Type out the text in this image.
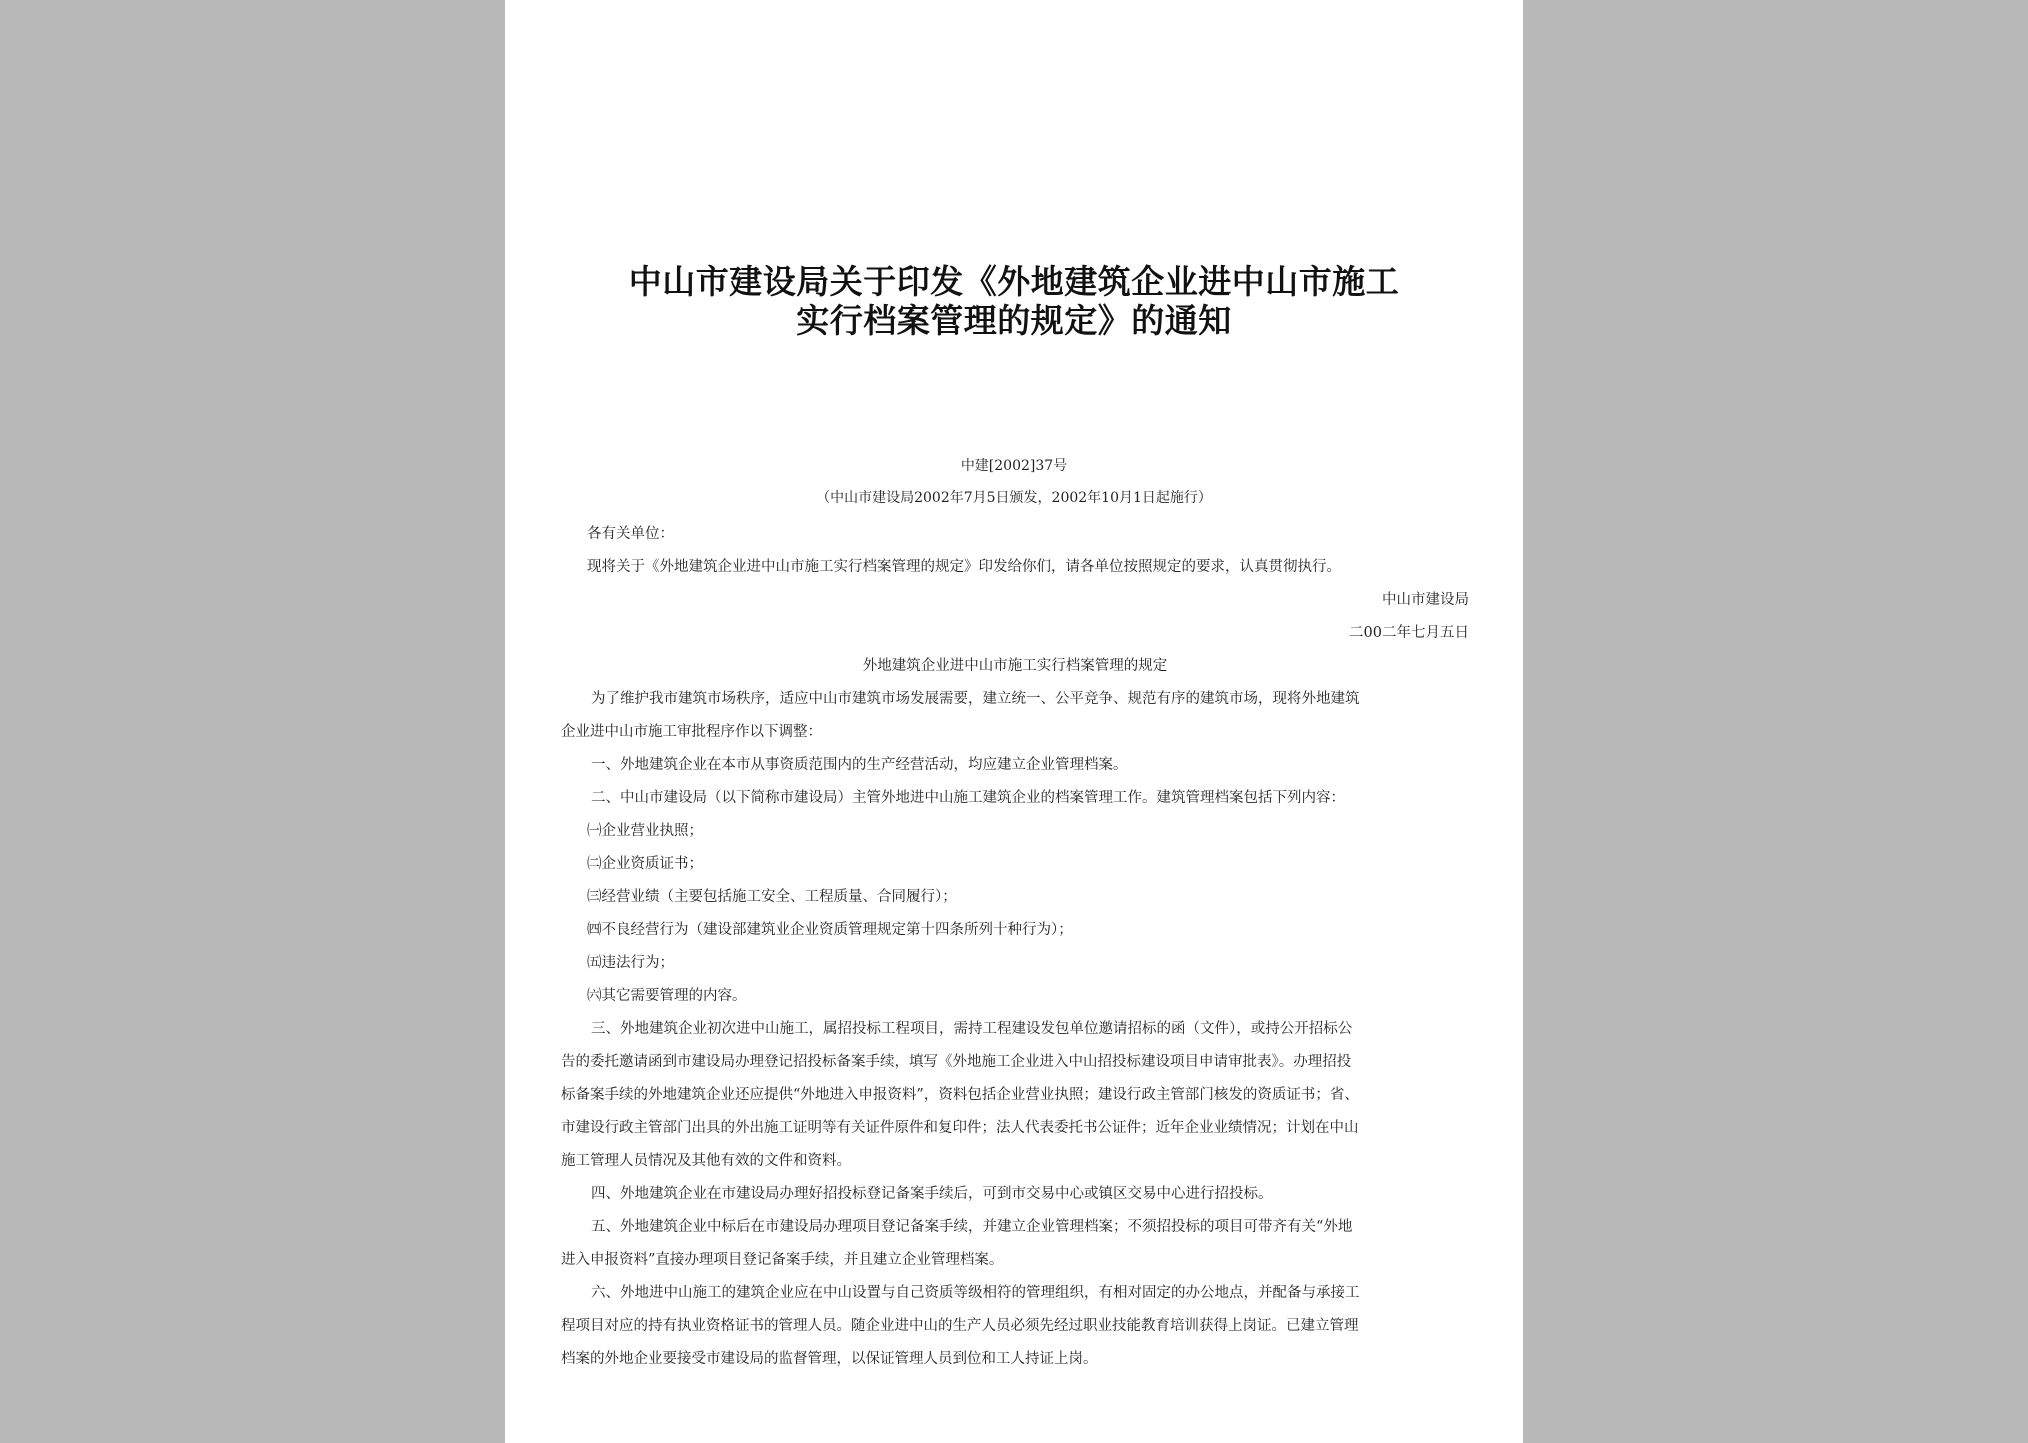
中山市建设局关于印发《外地建筑企业进中山市施工
实行档案管理的规定》的通知
中建[2002]37号
（中山市建设局2002年7月5日颁发，2002年10月1日起施行）
各有关单位：
现将关于《外地建筑企业进中山市施工实行档案管理的规定》印发给你们，请各单位按照规定的要求，认真贯彻执行。
中山市建设局
二00二年七月五日
外地建筑企业进中山市施工实行档案管理的规定
为了维护我市建筑市场秩序，适应中山市建筑市场发展需要，建立统一、公平竞争、规范有序的建筑市场，现将外地建筑
企业进中山市施工审批程序作以下调整：
一、外地建筑企业在本市从事资质范围内的生产经营活动，均应建立企业管理档案。
二、中山市建设局（以下简称市建设局）主管外地进中山施工建筑企业的档案管理工作。建筑管理档案包括下列内容：
㈠企业营业执照；
㈡企业资质证书；
㈢经营业绩（主要包括施工安全、工程质量、合同履行）；
㈣不良经营行为（建设部建筑业企业资质管理规定第十四条所列十种行为）；
㈤违法行为；
㈥其它需要管理的内容。
三、外地建筑企业初次进中山施工，属招投标工程项目，需持工程建设发包单位邀请招标的函（文件），或持公开招标公
告的委托邀请函到市建设局办理登记招投标备案手续，填写《外地施工企业进入中山招投标建设项目申请审批表》。办理招投
标备案手续的外地建筑企业还应提供“外地进入申报资料”，资料包括企业营业执照；建设行政主管部门核发的资质证书；省、
市建设行政主管部门出具的外出施工证明等有关证件原件和复印件；法人代表委托书公证件；近年企业业绩情况；计划在中山
施工管理人员情况及其他有效的文件和资料。
四、外地建筑企业在市建设局办理好招投标登记备案手续后，可到市交易中心或镇区交易中心进行招投标。
五、外地建筑企业中标后在市建设局办理项目登记备案手续，并建立企业管理档案；不须招投标的项目可带齐有关“外地
进入申报资料”直接办理项目登记备案手续，并且建立企业管理档案。
六、外地进中山施工的建筑企业应在中山设置与自己资质等级相符的管理组织，有相对固定的办公地点，并配备与承接工
程项目对应的持有执业资格证书的管理人员。随企业进中山的生产人员必须先经过职业技能教育培训获得上岗证。已建立管理
档案的外地企业要接受市建设局的监督管理，以保证管理人员到位和工人持证上岗。
